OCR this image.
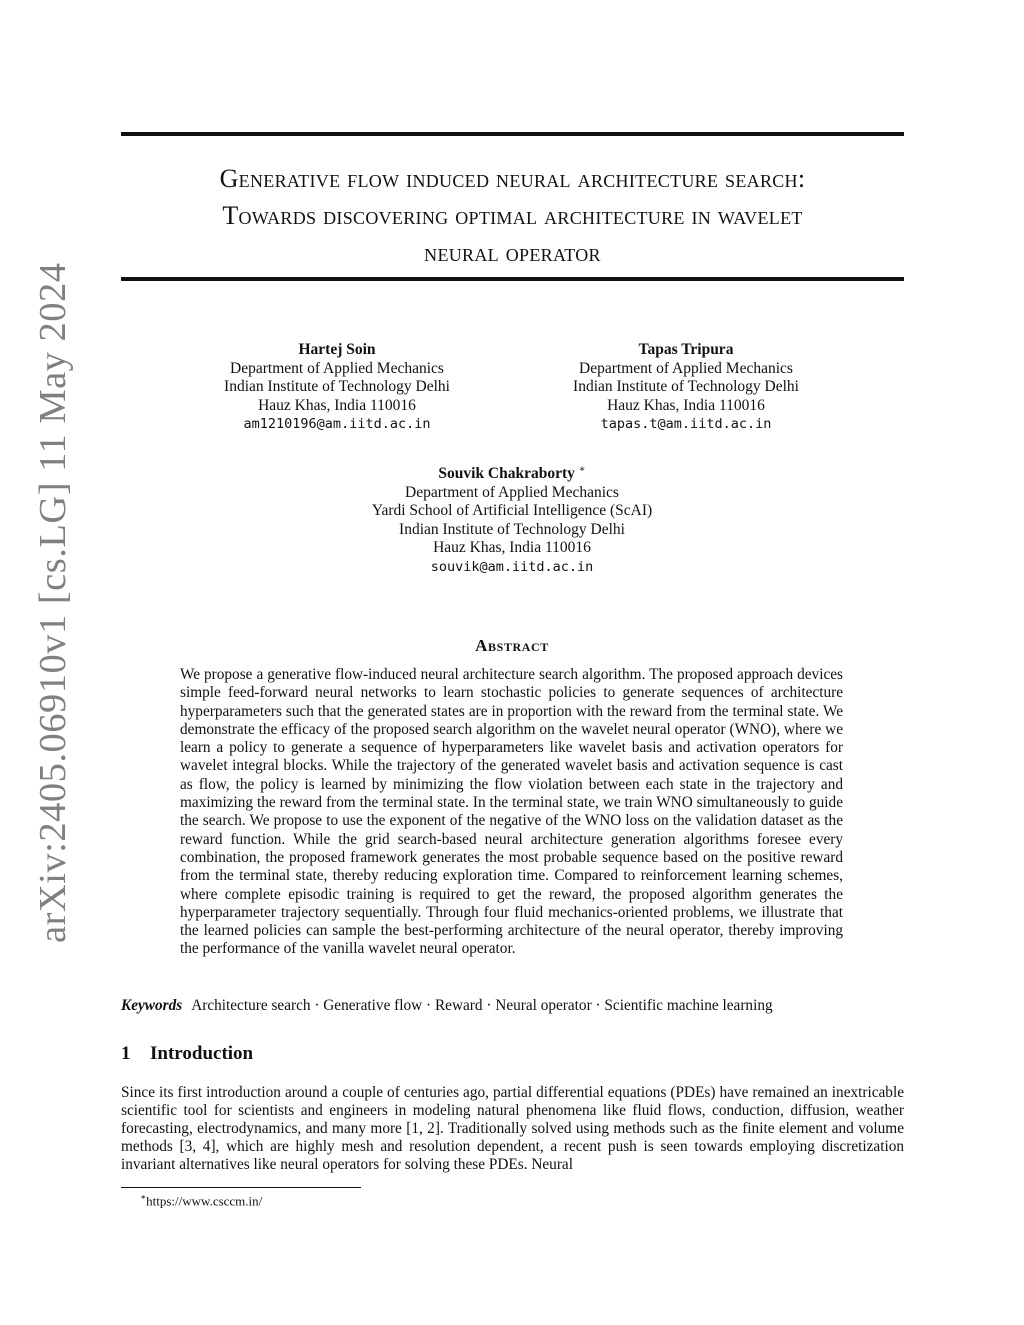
arXiv:2405.06910v1 [cs.LG] 11 May 2024
Generative flow induced neural architecture search:
Towards discovering optimal architecture in wavelet
neural operator
Hartej Soin
Department of Applied Mechanics
Indian Institute of Technology Delhi
Hauz Khas, India 110016
am1210196@am.iitd.ac.in
Tapas Tripura
Department of Applied Mechanics
Indian Institute of Technology Delhi
Hauz Khas, India 110016
tapas.t@am.iitd.ac.in
Souvik Chakraborty ∗
Department of Applied Mechanics
Yardi School of Artificial Intelligence (ScAI)
Indian Institute of Technology Delhi
Hauz Khas, India 110016
souvik@am.iitd.ac.in
Abstract

We propose a generative flow-induced neural architecture search algorithm. The proposed approach devices simple feed-forward neural networks to learn stochastic policies to generate sequences of architecture hyperparameters such that the generated states are in proportion with the reward from the terminal state. We demonstrate the efficacy of the proposed search algorithm on the wavelet neural operator (WNO), where we learn a policy to generate a sequence of hyperparameters like wavelet basis and activation operators for wavelet integral blocks. While the trajectory of the generated wavelet basis and activation sequence is cast as flow, the policy is learned by minimizing the flow violation between each state in the trajectory and maximizing the reward from the terminal state. In the terminal state, we train WNO simultaneously to guide the search. We propose to use the exponent of the negative of the WNO loss on the validation dataset as the reward function. While the grid search-based neural architecture generation algorithms foresee every combination, the proposed framework generates the most probable sequence based on the positive reward from the terminal state, thereby reducing exploration time. Compared to reinforcement learning schemes, where complete episodic training is required to get the reward, the proposed algorithm generates the hyperparameter trajectory sequentially. Through four fluid mechanics-oriented problems, we illustrate that the learned policies can sample the best-performing architecture of the neural operator, thereby improving the performance of the vanilla wavelet neural operator.

Keywords Architecture search · Generative flow · Reward · Neural operator · Scientific machine learning
1 Introduction

Since its first introduction around a couple of centuries ago, partial differential equations (PDEs) have remained an inextricable scientific tool for scientists and engineers in modeling natural phenomena like fluid flows, conduction, diffusion, weather forecasting, electrodynamics, and many more [1, 2]. Traditionally solved using methods such as the finite element and volume methods [3, 4], which are highly mesh and resolution dependent, a recent push is seen towards employing discretization invariant alternatives like neural operators for solving these PDEs. Neural

∗https://www.csccm.in/
